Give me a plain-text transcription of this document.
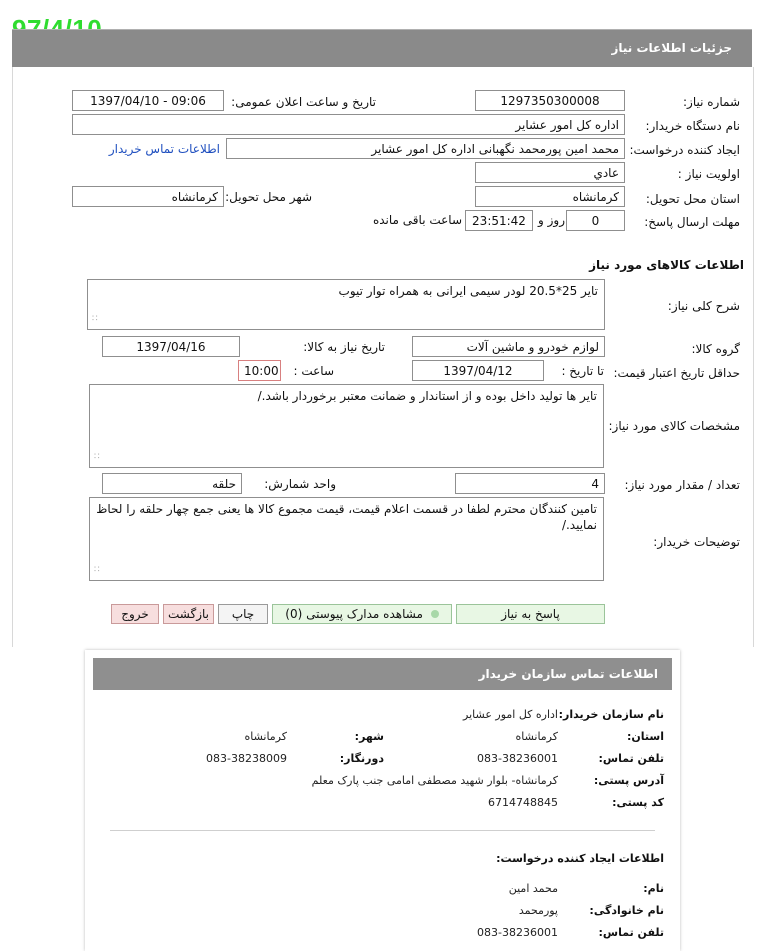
جزئیات اطلاعات نیاز
شماره نیاز:
1297350300008
تاریخ و ساعت اعلان عمومی:
1397/04/10 - 09:06
نام دستگاه خریدار:
اداره کل امور عشایر
ایجاد کننده درخواست:
محمد امین پورمحمد نگهبانی اداره کل امور عشایر
اطلاعات تماس خریدار
اولویت نیاز :
عادي
استان محل تحویل:
کرمانشاه
شهر محل تحویل:
کرمانشاه
مهلت ارسال پاسخ:
0
روز و
23:51:42
ساعت باقی مانده
اطلاعات کالاهای مورد نیاز
شرح کلی نیاز:
تایر 25*20.5 لودر سیمی ایرانی به همراه توار تیوب
∷
گروه کالا:
لوازم خودرو و ماشین آلات
تاریخ نیاز به کالا:
1397/04/16
حداقل تاریخ اعتبار قیمت:
تا تاریخ :
1397/04/12
ساعت :
10:00
مشخصات کالای مورد نیاز:
تایر ها تولید داخل بوده و از استاندار و ضمانت معتبر برخوردار باشد./
∷
تعداد / مقدار مورد نیاز:
4
واحد شمارش:
حلقه
توضیحات خریدار:
تامین کنندگان محترم لطفا در قسمت اعلام قیمت، قیمت مجموع کالا ها یعنی جمع چهار حلقه را لحاظ نمایید./
∷
پاسخ به نیاز
مشاهده مدارک پیوستی (0)
چاپ
بازگشت
خروج
اطلاعات تماس سازمان خریدار
نام سازمان خریدار:
اداره کل امور عشایر
استان:
کرمانشاه
شهر:
کرمانشاه
تلفن تماس:
083-38236001
دورنگار:
083-38238009
آدرس پستی:
کرمانشاه- بلوار شهید مصطفی امامی جنب پارک معلم
کد پستی:
6714748845
اطلاعات ایجاد کننده درخواست:
نام:
محمد امین
نام خانوادگی:
پورمحمد
تلفن تماس:
083-38236001
